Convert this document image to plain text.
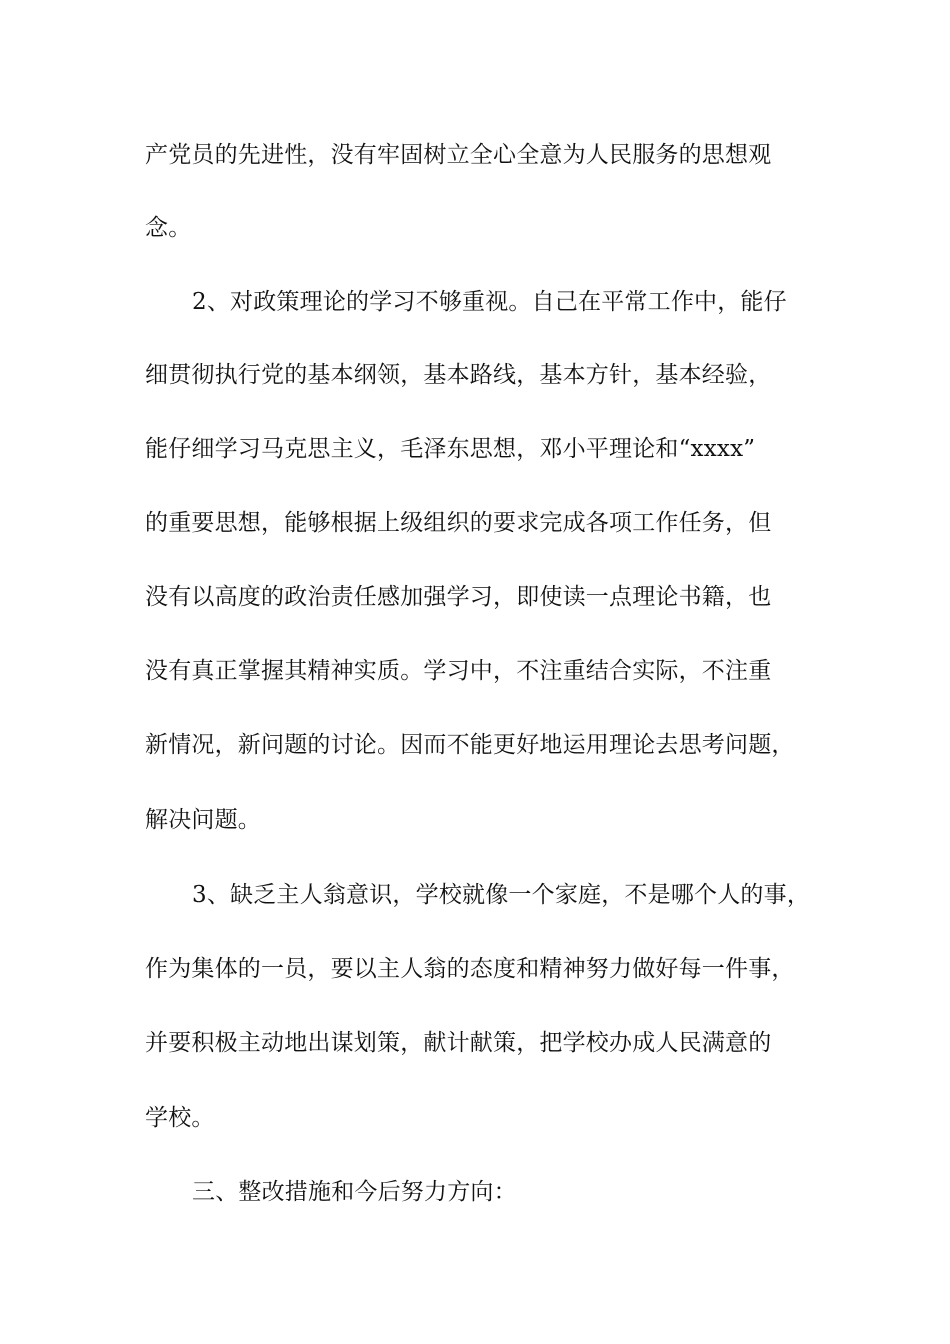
产党员的先进性，没有牢固树立全心全意为人民服务的思想观
念。
2、对政策理论的学习不够重视。自己在平常工作中，能仔
细贯彻执行党的基本纲领，基本路线，基本方针，基本经验，
能仔细学习马克思主义，毛泽东思想，邓小平理论和“xxxx”
的重要思想，能够根据上级组织的要求完成各项工作任务，但
没有以高度的政治责任感加强学习，即使读一点理论书籍，也
没有真正掌握其精神实质。学习中，不注重结合实际，不注重
新情况，新问题的讨论。因而不能更好地运用理论去思考问题，
解决问题。
3、缺乏主人翁意识，学校就像一个家庭，不是哪个人的事，
作为集体的一员，要以主人翁的态度和精神努力做好每一件事，
并要积极主动地出谋划策，献计献策，把学校办成人民满意的
学校。
三、整改措施和今后努力方向：
